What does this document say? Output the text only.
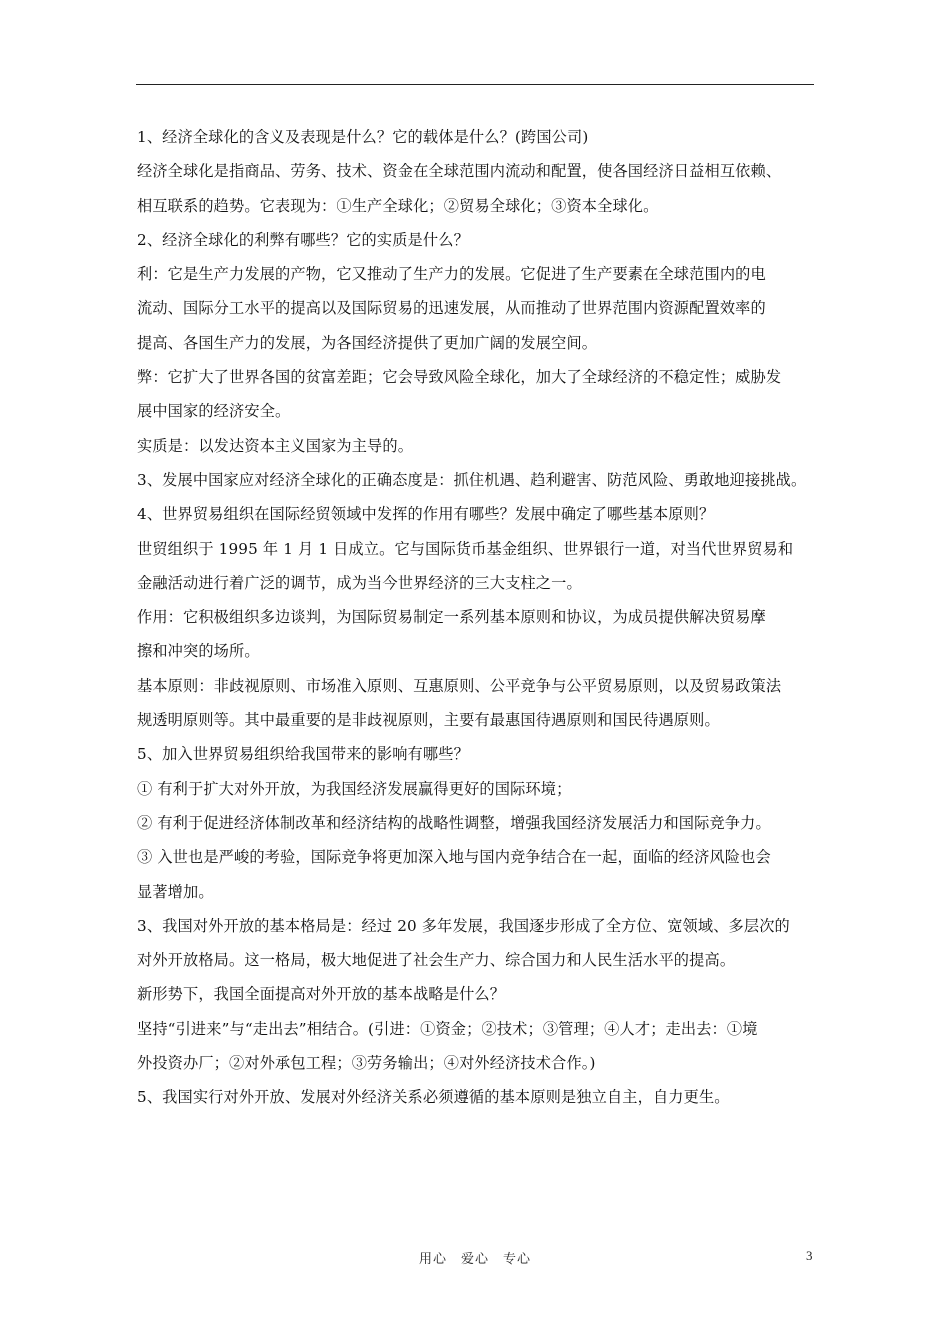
1、经济全球化的含义及表现是什么？它的载体是什么？(跨国公司)
经济全球化是指商品、劳务、技术、资金在全球范围内流动和配置，使各国经济日益相互依赖、
相互联系的趋势。它表现为：①生产全球化；②贸易全球化；③资本全球化。
2、经济全球化的利弊有哪些？它的实质是什么？
利：它是生产力发展的产物，它又推动了生产力的发展。它促进了生产要素在全球范围内的电
流动、国际分工水平的提高以及国际贸易的迅速发展，从而推动了世界范围内资源配置效率的
提高、各国生产力的发展，为各国经济提供了更加广阔的发展空间。
弊：它扩大了世界各国的贫富差距；它会导致风险全球化，加大了全球经济的不稳定性；威胁发
展中国家的经济安全。
实质是：以发达资本主义国家为主导的。
3、发展中国家应对经济全球化的正确态度是：抓住机遇、趋利避害、防范风险、勇敢地迎接挑战。
4、世界贸易组织在国际经贸领域中发挥的作用有哪些？发展中确定了哪些基本原则？
世贸组织于 1995 年 1 月 1 日成立。它与国际货币基金组织、世界银行一道，对当代世界贸易和
金融活动进行着广泛的调节，成为当今世界经济的三大支柱之一。
作用：它积极组织多边谈判，为国际贸易制定一系列基本原则和协议，为成员提供解决贸易摩
擦和冲突的场所。
基本原则：非歧视原则、市场准入原则、互惠原则、公平竞争与公平贸易原则，以及贸易政策法
规透明原则等。其中最重要的是非歧视原则，主要有最惠国待遇原则和国民待遇原则。
5、加入世界贸易组织给我国带来的影响有哪些？
① 有利于扩大对外开放，为我国经济发展赢得更好的国际环境；
② 有利于促进经济体制改革和经济结构的战略性调整，增强我国经济发展活力和国际竞争力。
③ 入世也是严峻的考验，国际竞争将更加深入地与国内竞争结合在一起，面临的经济风险也会
显著增加。
3、我国对外开放的基本格局是：经过 20 多年发展，我国逐步形成了全方位、宽领域、多层次的
对外开放格局。这一格局，极大地促进了社会生产力、综合国力和人民生活水平的提高。
新形势下，我国全面提高对外开放的基本战略是什么？
坚持“引进来”与“走出去”相结合。(引进：①资金；②技术；③管理；④人才；走出去：①境
外投资办厂；②对外承包工程；③劳务输出；④对外经济技术合作。)
5、我国实行对外开放、发展对外经济关系必须遵循的基本原则是独立自主，自力更生。
用心　爱心　专心	3
